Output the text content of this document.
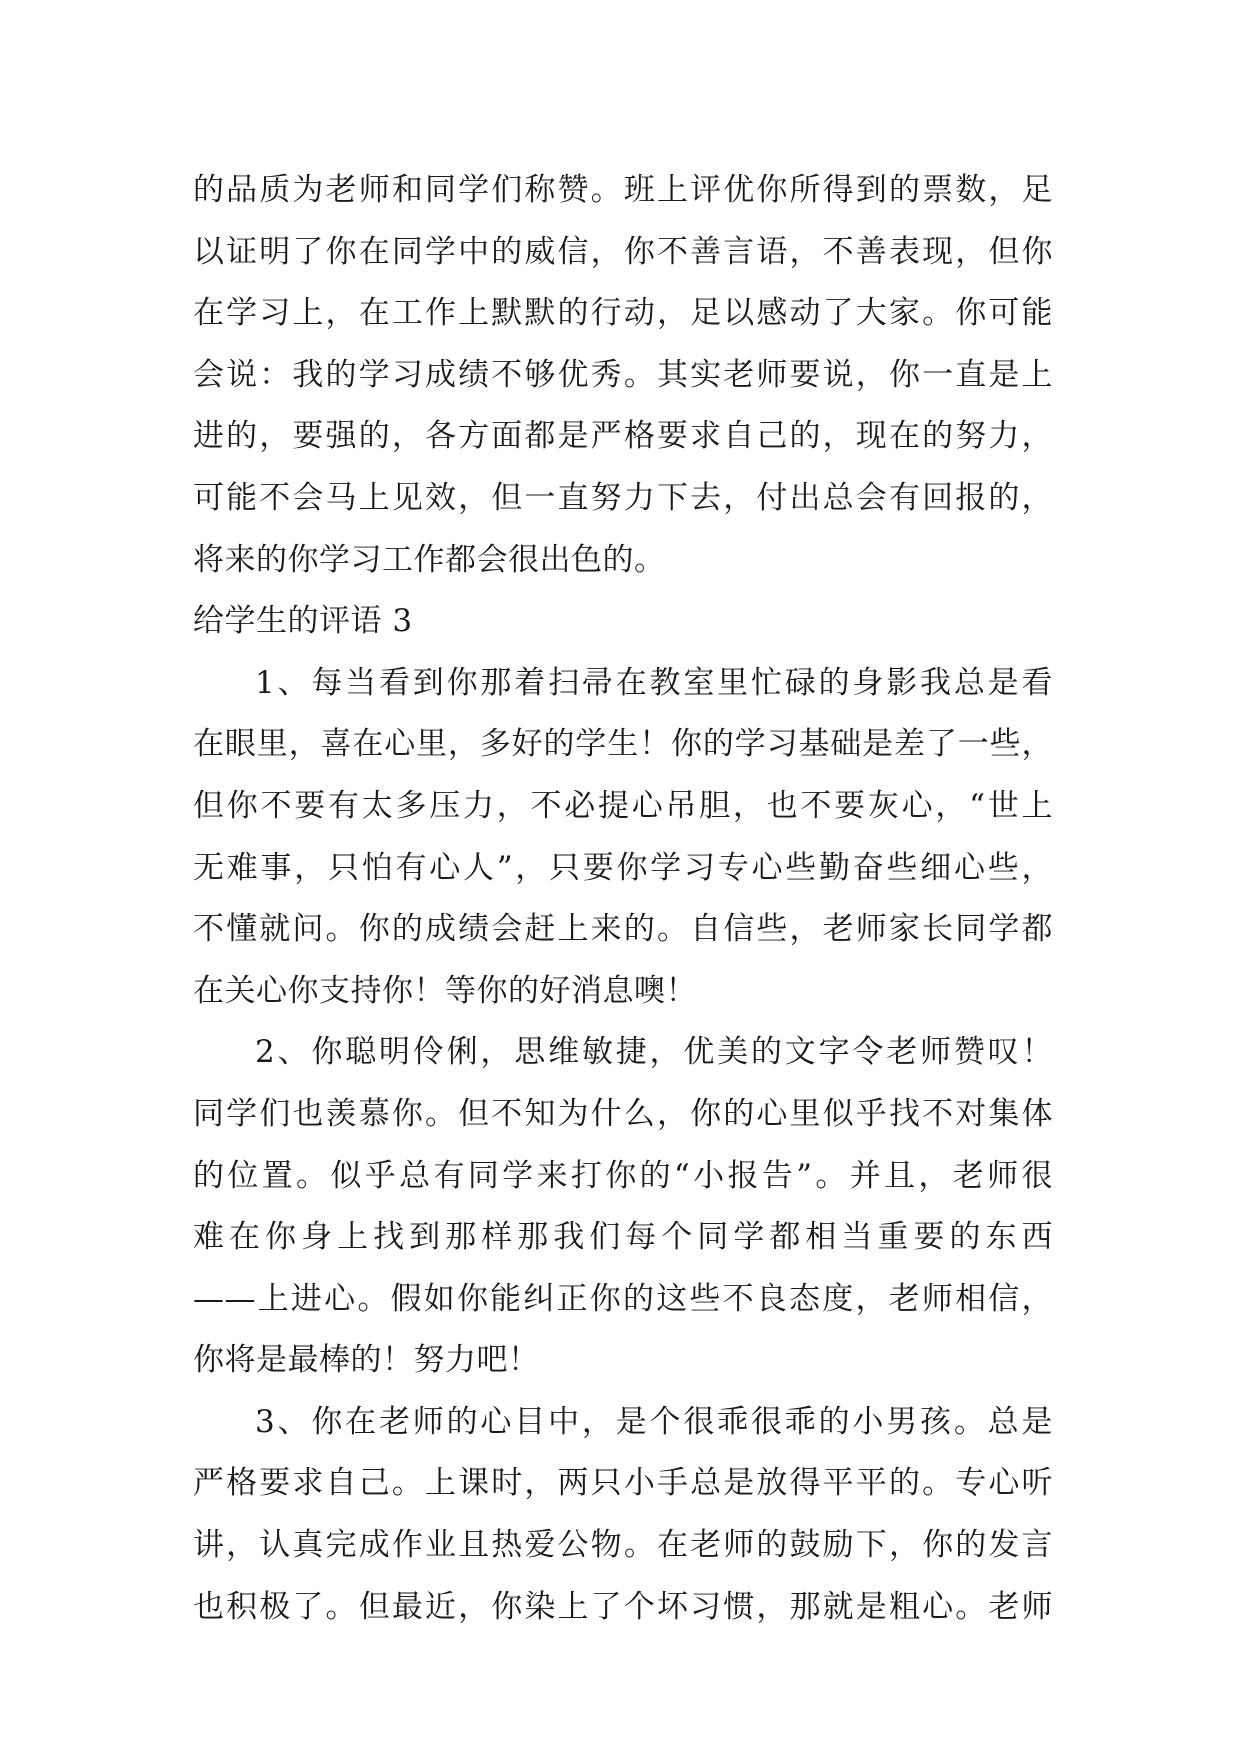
的品质为老师和同学们称赞。班上评优你所得到的票数，足
以证明了你在同学中的威信，你不善言语，不善表现，但你
在学习上，在工作上默默的行动，足以感动了大家。你可能
会说：我的学习成绩不够优秀。其实老师要说，你一直是上
进的，要强的，各方面都是严格要求自己的，现在的努力，
可能不会马上见效，但一直努力下去，付出总会有回报的，
将来的你学习工作都会很出色的。
给学生的评语 3
1、每当看到你那着扫帚在教室里忙碌的身影我总是看
在眼里，喜在心里，多好的学生！你的学习基础是差了一些，
但你不要有太多压力，不必提心吊胆，也不要灰心，“世上
无难事，只怕有心人”，只要你学习专心些勤奋些细心些，
不懂就问。你的成绩会赶上来的。自信些，老师家长同学都
在关心你支持你！等你的好消息噢！
2、你聪明伶俐，思维敏捷，优美的文字令老师赞叹！
同学们也羡慕你。但不知为什么，你的心里似乎找不对集体
的位置。似乎总有同学来打你的“小报告”。并且，老师很
难在你身上找到那样那我们每个同学都相当重要的东西
——上进心。假如你能纠正你的这些不良态度，老师相信，
你将是最棒的！努力吧！
3、你在老师的心目中，是个很乖很乖的小男孩。总是
严格要求自己。上课时，两只小手总是放得平平的。专心听
讲，认真完成作业且热爱公物。在老师的鼓励下，你的发言
也积极了。但最近，你染上了个坏习惯，那就是粗心。老师
